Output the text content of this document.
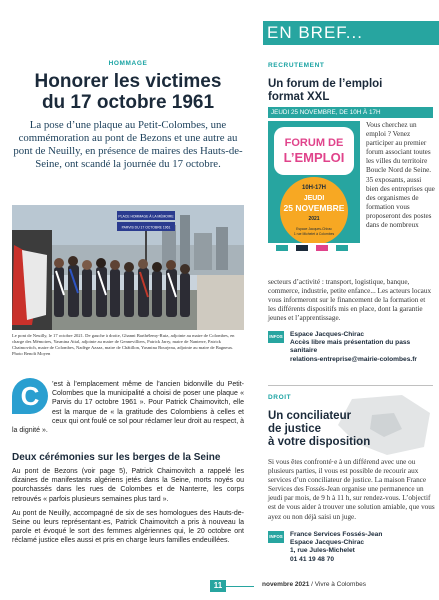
HOMMAGE
Honorer les victimes
du 17 octobre 1961

La pose d’une plaque au Petit-Colombes, une commémoration au pont de Bezons et une autre au pont de Neuilly, en présence de maires des Hauts-de-Seine, ont scandé la journée du 17 octobre.

PLACE HOMMAGE À LA MÉMOIRE
PARVIS DU 17 OCTOBRE 1961
Le pont de Neuilly, le 17 octobre 2021. De gauche à droite, Ghanni Barthélemy-Ruiz, adjointe au maire de Colombes, en charge des Mémoires, Yasmina Attal, adjointe au maire de Gennevilliers, Patrick Jarry, maire de Nanterre, Patrick Chaimovitch, maire de Colombes, Nadège Azzaz, maire de Châtillon, Yasmina Bourjeau, adjointe au maire de Bagneux. Photo Benoît Moyen
C	’est à l’emplacement même de l’ancien bidonville du Petit-Colombes que la municipalité a choisi de poser une plaque « Parvis du 17 octobre 1961 ». Pour Patrick Chaimovitch, elle est la marque de « la gratitude des Colombiens à celles et ceux qui ont foulé ce sol pour réclamer leur droit au respect, à la dignité ».
Deux cérémonies sur les berges de la Seine

Au pont de Bezons (voir page 5), Patrick Chaimovitch a rappelé les dizaines de manifestants algériens jetés dans la Seine, morts noyés ou pourchassés dans les rues de Colombes et de Nanterre, les corps retrouvés « parfois plusieurs semaines plus tard ».

Au pont de Neuilly, accompagné de six de ses homologues des Hauts-de-Seine ou leurs représentant·es, Patrick Chaimovitch a pris à nouveau la parole et évoqué le sort des femmes algériennes qui, le 20 octobre ont réclamé justice elles aussi et pris en charge leurs familles endeuillées.

EN BREF...
RECRUTEMENT
Un forum de l’emploi
format XXL
JEUDI 25 NOVEMBRE, DE 10H À 17H
FORUM DE
L’EMPLOI
10H-17H
JEUDI
25 NOVEMBRE
2021
Espace Jacques-Chirac
1 rue Michelet à Colombes
Vous cherchez un emploi ? Venez participer au premier forum associant toutes les villes du territoire Boucle Nord de Seine. 35 exposants, aussi bien des entreprises que des organismes de formation vous proposeront des postes dans de nombreux
secteurs d’activité : transport, logistique, banque, commerce, industrie, petite enfance... Les acteurs locaux vous informeront sur le financement de la formation et les différents dispositifs mis en place, dont la garantie jeunes et l’apprentissage.
INFOS Espace Jacques-Chirac
Accès libre mais présentation du pass sanitaire
relations-entreprise@mairie-colombes.fr
DROIT
Un conciliateur
de justice
à votre disposition
Si vous êtes confronté·e à un différend avec une ou plusieurs parties, il vous est possible de recourir aux services d’un conciliateur de justice. La maison France Services des Fossés-Jean organise une permanence un jeudi par mois, de 9 h à 11 h, sur rendez-vous. L’objectif est de vous aider à trouver une solution amiable, que vous ayez ou non déjà saisi un juge.
INFOS France Services Fossés-Jean
Espace Jacques-Chirac
1, rue Jules-Michelet
01 41 19 48 70
11	novembre 2021 / Vivre à Colombes
